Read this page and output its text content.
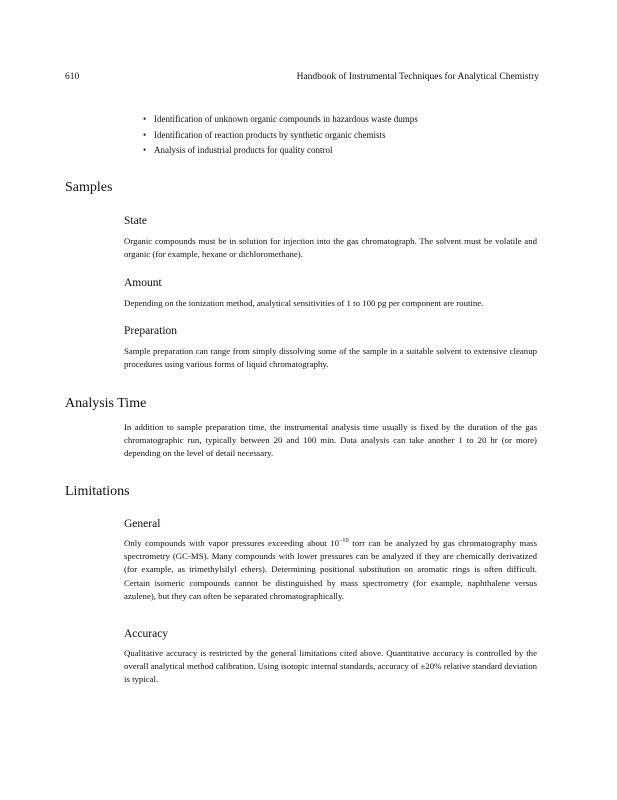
610	Handbook of Instrumental Techniques for Analytical Chemistry
• Identification of unknown organic compounds in hazardous waste dumps
• Identification of reaction products by synthetic organic chemists
• Analysis of industrial products for quality control
Samples
State

Organic compounds must be in solution for injection into the gas chromatograph. The solvent must be volatile and organic (for example, hexane or dichloromethane).

Amount

Depending on the ionization method, analytical sensitivities of 1 to 100 pg per component are routine.

Preparation

Sample preparation can range from simply dissolving some of the sample in a suitable solvent to extensive cleanup procedures using various forms of liquid chromatography.

Analysis Time

In addition to sample preparation time, the instrumental analysis time usually is fixed by the duration of the gas chromatographic run, typically between 20 and 100 min. Data analysis can take another 1 to 20 hr (or more) depending on the level of detail necessary.

Limitations
General

Only compounds with vapor pressures exceeding about $10^{-10}$ torr can be analyzed by gas chromatography mass spectrometry (GC-MS). Many compounds with lower pressures can be analyzed if they are chemically derivatized (for example, as trimethylsilyl ethers). Determining positional substitution on aromatic rings is often difficult. Certain isomeric compounds cannot be distinguished by mass spectrometry (for example, naphthalene versus azulene), but they can often be separated chromatographically.

Accuracy

Qualitative accuracy is restricted by the general limitations cited above. Quantitative accuracy is controlled by the overall analytical method calibration. Using isotopic internal standards, accuracy of ±20% relative standard deviation is typical.
